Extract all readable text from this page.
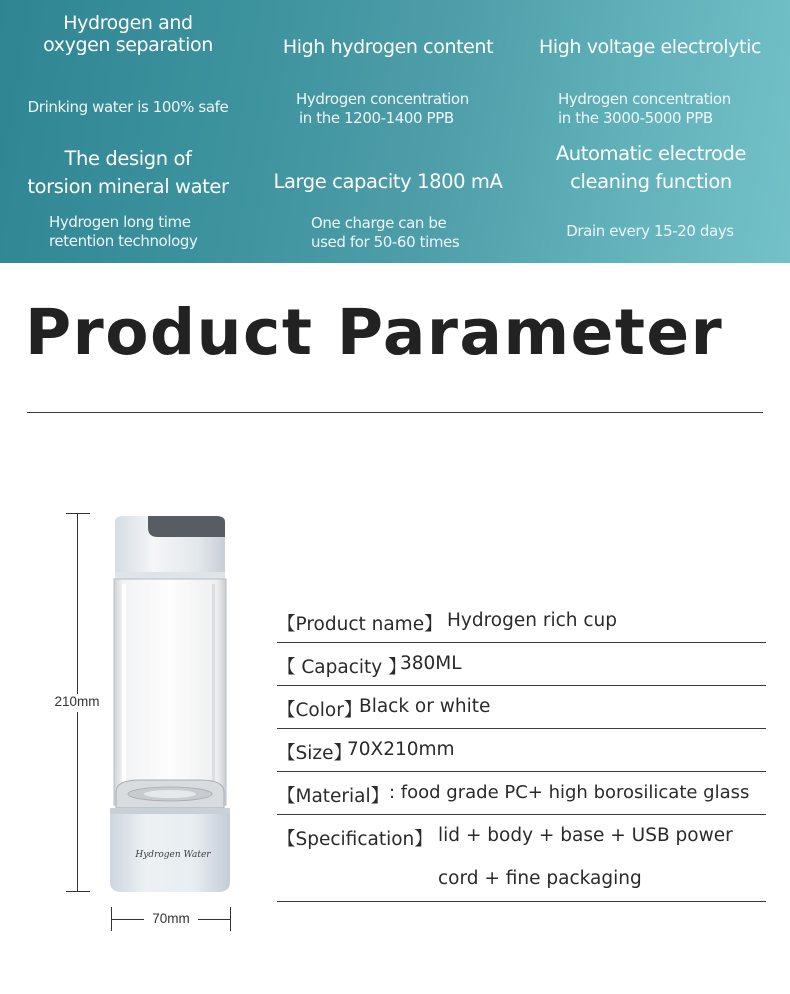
Hydrogen and
oxygen separation
Drinking water is 100% safe
High hydrogen content
Hydrogen concentration
in the 1200-1400 PPB
High voltage electrolytic
Hydrogen concentration
in the 3000-5000 PPB
The design of
torsion mineral water
Hydrogen long time
retention technology
Large capacity 1800 mA
One charge can be
used for 50-60 times
Automatic electrode
cleaning function
Drain every 15-20 days
Product Parameter
210mm
70mm
Hydrogen Water
【Product name】 Hydrogen rich cup
【 Capacity 】
380ML
【Color】
Black or white
【Size】
70X210mm
【Material】 : food grade PC+ high borosilicate glass
【Specification】 lid + body + base + USB power
cord + fine packaging
